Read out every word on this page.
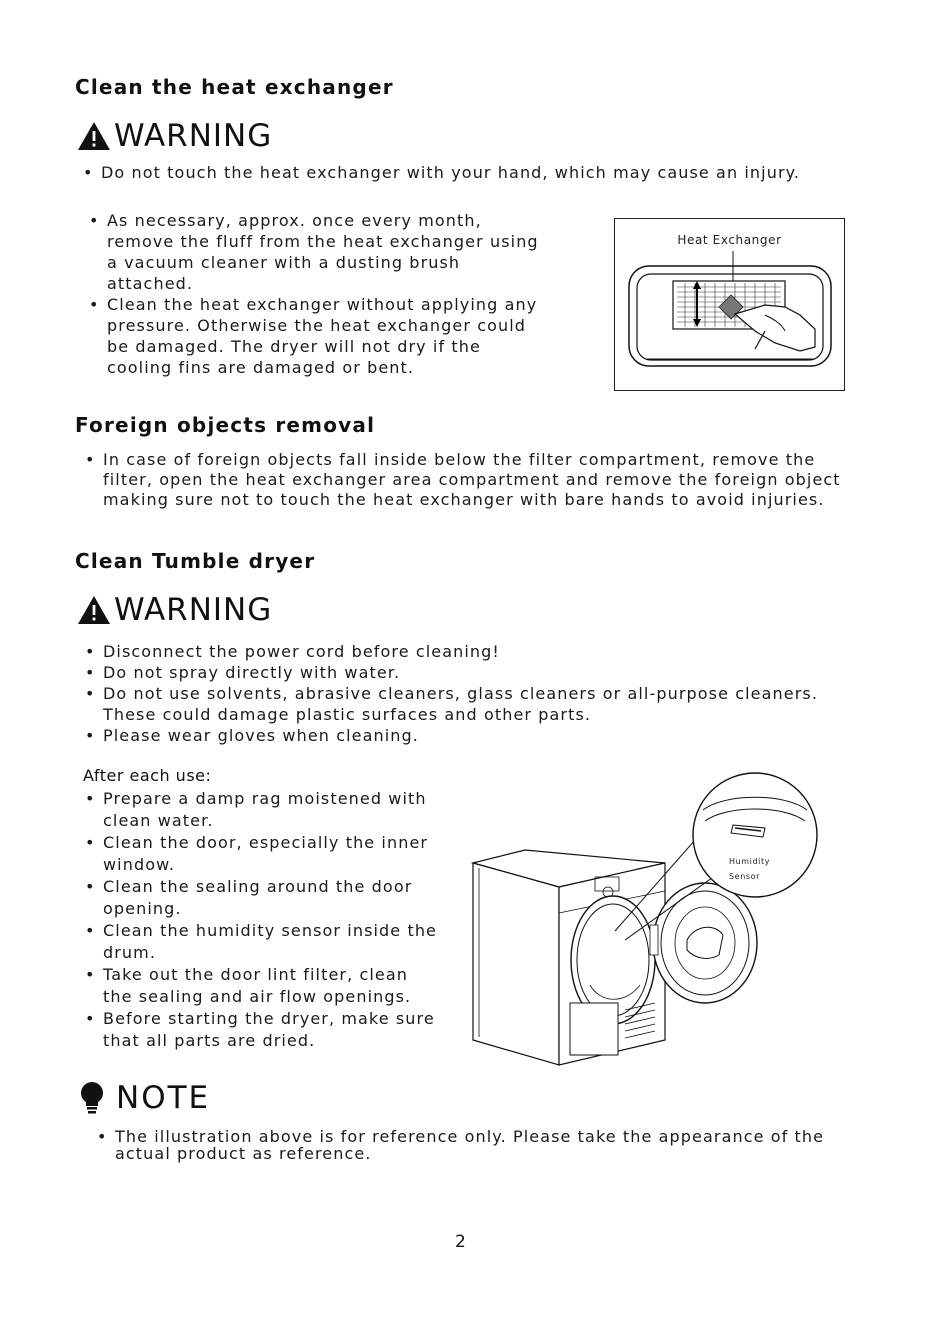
Clean the heat exchanger
WARNING
• Do not touch the heat exchanger with your hand, which may cause an injury.
• As necessary, approx. once every month, remove the fluff from the heat exchanger using a vacuum cleaner with a dusting brush attached.
• Clean the heat exchanger without applying any pressure. Otherwise the heat exchanger could be damaged. The dryer will not dry if the cooling fins are damaged or bent.
Heat Exchanger
Foreign objects removal
• In case of foreign objects fall inside below the filter compartment, remove the filter, open the heat exchanger area compartment and remove the foreign object making sure not to touch the heat exchanger with bare hands to avoid injuries.
Clean Tumble dryer
WARNING
• Disconnect the power cord before cleaning!
• Do not spray directly with water.
• Do not use solvents, abrasive cleaners, glass cleaners or all-purpose cleaners. These could damage plastic surfaces and other parts.
• Please wear gloves when cleaning.
After each use:
• Prepare a damp rag moistened with clean water.
• Clean the door, especially the inner window.
• Clean the sealing around the door opening.
• Clean the humidity sensor inside the drum.
• Take out the door lint filter, clean the sealing and air flow openings.
• Before starting the dryer, make sure that all parts are dried.
Humidity
Sensor
NOTE
• The illustration above is for reference only. Please take the appearance of the actual product as reference.
2
